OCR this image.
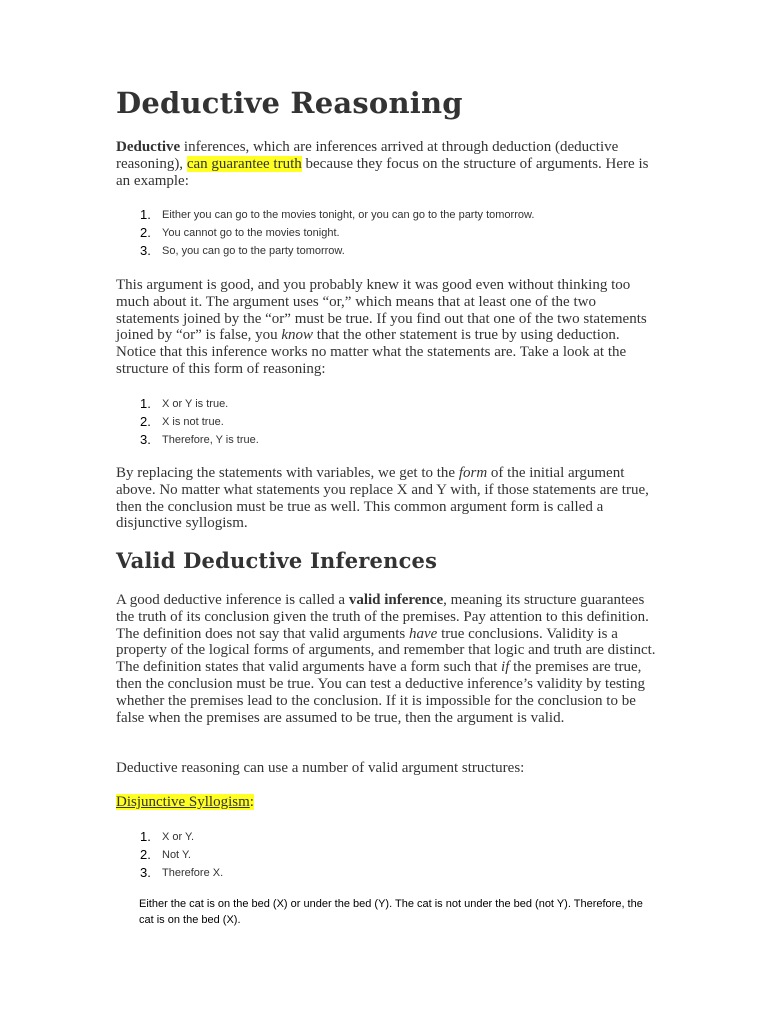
Deductive Reasoning

Deductive inferences, which are inferences arrived at through deduction (deductive reasoning), can guarantee truth because they focus on the structure of arguments. Here is an example:

1. Either you can go to the movies tonight, or you can go to the party tomorrow.
2. You cannot go to the movies tonight.
3. So, you can go to the party tomorrow.

This argument is good, and you probably knew it was good even without thinking too much about it. The argument uses “or,” which means that at least one of the two statements joined by the “or” must be true. If you find out that one of the two statements joined by “or” is false, you know that the other statement is true by using deduction. Notice that this inference works no matter what the statements are. Take a look at the structure of this form of reasoning:

1. X or Y is true.
2. X is not true.
3. Therefore, Y is true.

By replacing the statements with variables, we get to the form of the initial argument above. No matter what statements you replace X and Y with, if those statements are true, then the conclusion must be true as well. This common argument form is called a disjunctive syllogism.

Valid Deductive Inferences

A good deductive inference is called a valid inference, meaning its structure guarantees the truth of its conclusion given the truth of the premises. Pay attention to this definition. The definition does not say that valid arguments have true conclusions. Validity is a property of the logical forms of arguments, and remember that logic and truth are distinct. The definition states that valid arguments have a form such that if the premises are true, then the conclusion must be true. You can test a deductive inference’s validity by testing whether the premises lead to the conclusion. If it is impossible for the conclusion to be false when the premises are assumed to be true, then the argument is valid.

Deductive reasoning can use a number of valid argument structures:

Disjunctive Syllogism:
1. X or Y.
2. Not Y.
3. Therefore X.
Either the cat is on the bed (X) or under the bed (Y). The cat is not under the bed (not Y). Therefore, the cat is on the bed (X).
